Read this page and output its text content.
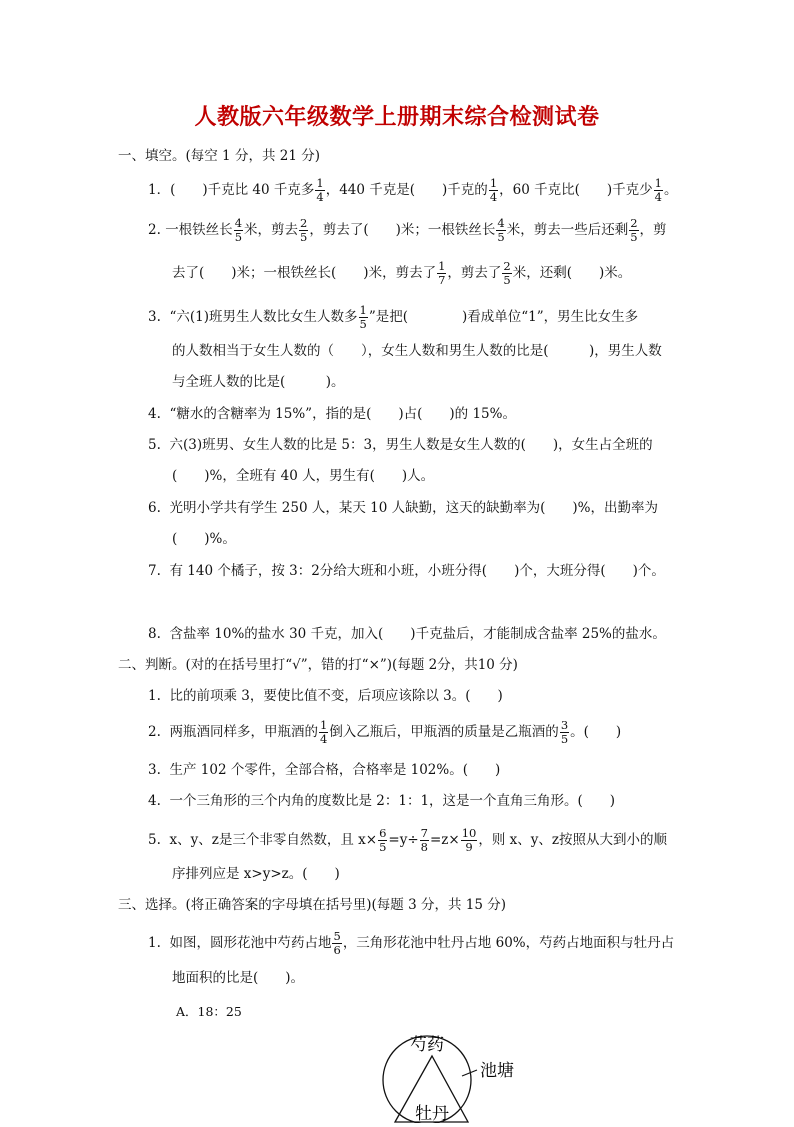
人教版六年级数学上册期末综合检测试卷
一、填空。(每空 1 分，共 21 分)
1．(　　)千克比 40 千克多 $\frac{1}{4}$ ，440 千克是(　　)千克的 $\frac{1}{4}$ ，60 千克比(　　)千克少 $\frac{1}{4}$ 。
2. 一根铁丝长 $\frac{4}{5}$ 米，剪去 $\frac{2}{5}$ ，剪去了(　　)米；一根铁丝长 $\frac{4}{5}$ 米，剪去一些后还剩 $\frac{2}{5}$ ，剪
去了(　　)米；一根铁丝长(　　)米，剪去了 $\frac{1}{7}$ ，剪去了 $\frac{2}{5}$ 米，还剩(　　)米。
3. “六(1)班男生人数比女生人数多 $\frac{1}{5}$ ”是把(　　　　)看成单位“1”，男生比女生多
的人数相当于女生人数的（　　），女生人数和男生人数的比是(　　　)，男生人数
与全班人数的比是(　　　)。
4. “糖水的含糖率为 15%”，指的是(　　)占(　　)的 15%。
5. 六(3)班男、女生人数的比是 5：3，男生人数是女生人数的(　　)，女生占全班的
(　　)%，全班有 40 人，男生有(　　)人。
6. 光明小学共有学生 250 人，某天 10 人缺勤，这天的缺勤率为(　　)%，出勤率为
(　　)%。
7. 有 140 个橘子，按 3：2分给大班和小班，小班分得(　　)个，大班分得(　　)个。
8. 含盐率 10%的盐水 30 千克，加入(　　)千克盐后，才能制成含盐率 25%的盐水。
二、判断。(对的在括号里打“√”，错的打“×”)(每题 2分，共10 分)
1. 比的前项乘 3，要使比值不变，后项应该除以 3。(　　)
2. 两瓶酒同样多，甲瓶酒的 $\frac{1}{4}$ 倒入乙瓶后，甲瓶酒的质量是乙瓶酒的 $\frac{3}{5}$ 。(　　)
3. 生产 102 个零件，全部合格，合格率是 102%。(　　)
4. 一个三角形的三个内角的度数比是 2：1：1，这是一个直角三角形。(　　)
5. x、y、z是三个非零自然数，且 $x\times \frac{6}{5} =y\div \frac{7}{8} =z\times \frac{10}{9}$ ，则 x、y、z按照从大到小的顺
序排列应是 x>y>z。(　　)
三、选择。(将正确答案的字母填在括号里)(每题 3 分，共 15 分)
1. 如图，圆形花池中芍药占地 $\frac{5}{6}$ ，三角形花池中牡丹占地 60%，芍药占地面积与牡丹占
地面积的比是(　　)。
A．18：25
芍药
牡丹
池塘
